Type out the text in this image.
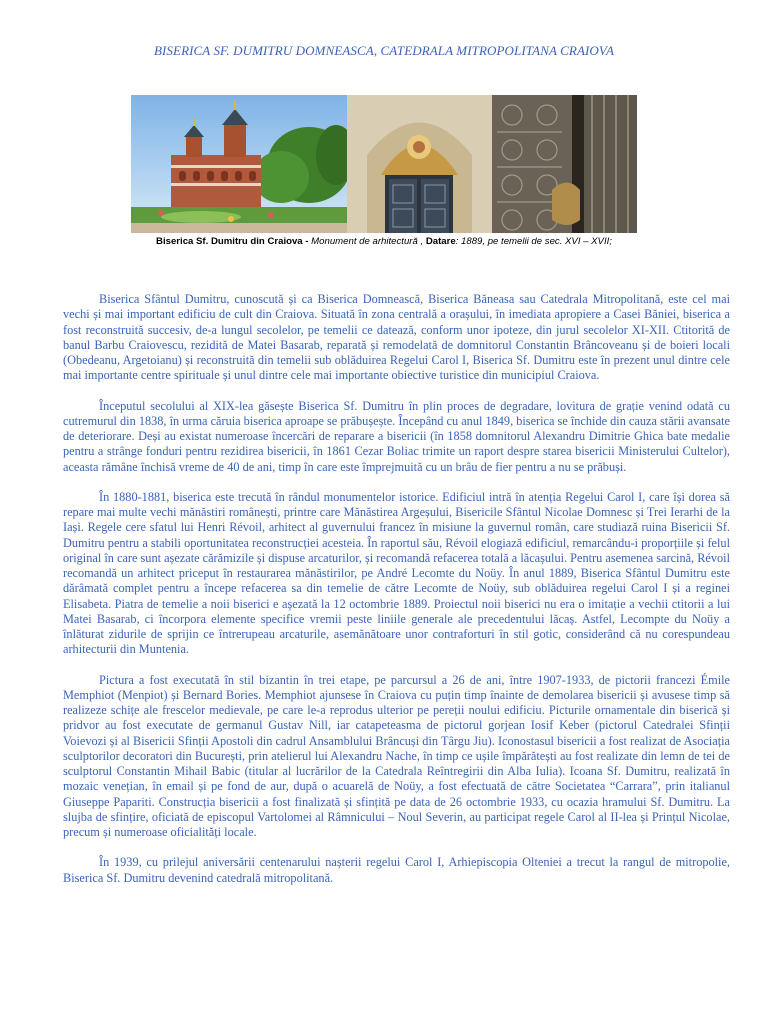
BISERICA SF. DUMITRU DOMNEASCA, CATEDRALA MITROPOLITANA CRAIOVA
Biserica Sf. Dumitru din Craiova - Monument de arhitectură , Datare: 1889, pe temelii de sec. XVI – XVII;

Biserica Sfântul Dumitru, cunoscută și ca Biserica Domnească, Biserica Băneasa sau Catedrala Mitropolitană, este cel mai vechi și mai important edificiu de cult din Craiova. Situată în zona centrală a orașului, în imediata apropiere a Casei Băniei, biserica a fost reconstruită succesiv, de-a lungul secolelor, pe temelii ce datează, conform unor ipoteze, din jurul secolelor XI-XII. Ctitorită de banul Barbu Craiovescu, rezidită de Matei Basarab, reparată și remodelată de domnitorul Constantin Brâncoveanu și de boieri locali (Obedeanu, Argetoianu) și reconstruită din temelii sub oblăduirea Regelui Carol I, Biserica Sf. Dumitru este în prezent unul dintre cele mai importante centre spirituale și unul dintre cele mai importante obiective turistice din municipiul Craiova.

Începutul secolului al XIX-lea găsește Biserica Sf. Dumitru în plin proces de degradare, lovitura de grație venind odată cu cutremurul din 1838, în urma căruia biserica aproape se prăbușește. Începând cu anul 1849, biserica se închide din cauza stării avansate de deteriorare. Deși au existat numeroase încercări de reparare a bisericii (în 1858 domnitorul Alexandru Dimitrie Ghica bate medalie pentru a strânge fonduri pentru rezidirea bisericii, în 1861 Cezar Boliac trimite un raport despre starea bisericii Ministerului Cultelor), aceasta rămâne închisă vreme de 40 de ani, timp în care este împrejmuită cu un brâu de fier pentru a nu se prăbuși.

În 1880-1881, biserica este trecută în rândul monumentelor istorice. Edificiul intră în atenția Regelui Carol I, care își dorea să repare mai multe vechi mănăstiri românești, printre care Mănăstirea Argeșului, Bisericile Sfântul Nicolae Domnesc și Trei Ierarhi de la Iași. Regele cere sfatul lui Henri Révoil, arhitect al guvernului francez în misiune la guvernul român, care studiază ruina Bisericii Sf. Dumitru pentru a stabili oportunitatea reconstrucției acesteia. În raportul său, Révoil elogiază edificiul, remarcându-i proporțiile și felul original în care sunt așezate cărămizile și dispuse arcaturilor, și recomandă refacerea totală a lăcașului. Pentru asemenea sarcină, Révoil recomandă un arhitect priceput în restaurarea mănăstirilor, pe André Lecomte du Noüy. În anul 1889, Biserica Sfântul Dumitru este dărâmată complet pentru a începe refacerea sa din temelie de către Lecomte de Noüy, sub oblăduirea regelui Carol I și a reginei Elisabeta. Piatra de temelie a noii biserici e așezată la 12 octombrie 1889. Proiectul noii biserici nu era o imitație a vechii ctitorii a lui Matei Basarab, ci încorpora elemente specifice vremii peste liniile generale ale precedentului lăcaș. Astfel, Lecompte du Noüy a înlăturat zidurile de sprijin ce întrerupeau arcaturile, asemănătoare unor contraforturi în stil gotic, considerând că nu corespundeau arhitecturii din Muntenia.

Pictura a fost executată în stil bizantin în trei etape, pe parcursul a 26 de ani, între 1907-1933, de pictorii francezi Émile Memphiot (Menpiot) și Bernard Bories. Memphiot ajunsese în Craiova cu puțin timp înainte de demolarea bisericii și avusese timp să realizeze schițe ale frescelor medievale, pe care le-a reprodus ulterior pe pereții noului edificiu. Picturile ornamentale din biserică și pridvor au fost executate de germanul Gustav Nill, iar catapeteasma de pictorul gorjean Iosif Keber (pictorul Catedralei Sfinții Voievozi și al Bisericii Sfinții Apostoli din cadrul Ansamblului Brâncuși din Târgu Jiu). Iconostasul bisericii a fost realizat de Asociația sculptorilor decoratori din București, prin atelierul lui Alexandru Nache, în timp ce ușile împărătești au fost realizate din lemn de tei de sculptorul Constantin Mihail Babic (titular al lucrărilor de la Catedrala Reîntregirii din Alba Iulia). Icoana Sf. Dumitru, realizată în mozaic venețian, în email și pe fond de aur, după o acuarelă de Noüy, a fost efectuată de către Societatea “Carrara”, prin italianul Giuseppe Papariti. Construcția bisericii a fost finalizată și sfințită pe data de 26 octombrie 1933, cu ocazia hramului Sf. Dumitru. La slujba de sfințire, oficiată de episcopul Vartolomei al Râmnicului – Noul Severin, au participat regele Carol al II-lea și Prințul Nicolae, precum și numeroase oficialități locale.

În 1939, cu prilejul aniversării centenarului nașterii regelui Carol I, Arhiepiscopia Olteniei a trecut la rangul de mitropolie, Biserica Sf. Dumitru devenind catedrală mitropolitană.
